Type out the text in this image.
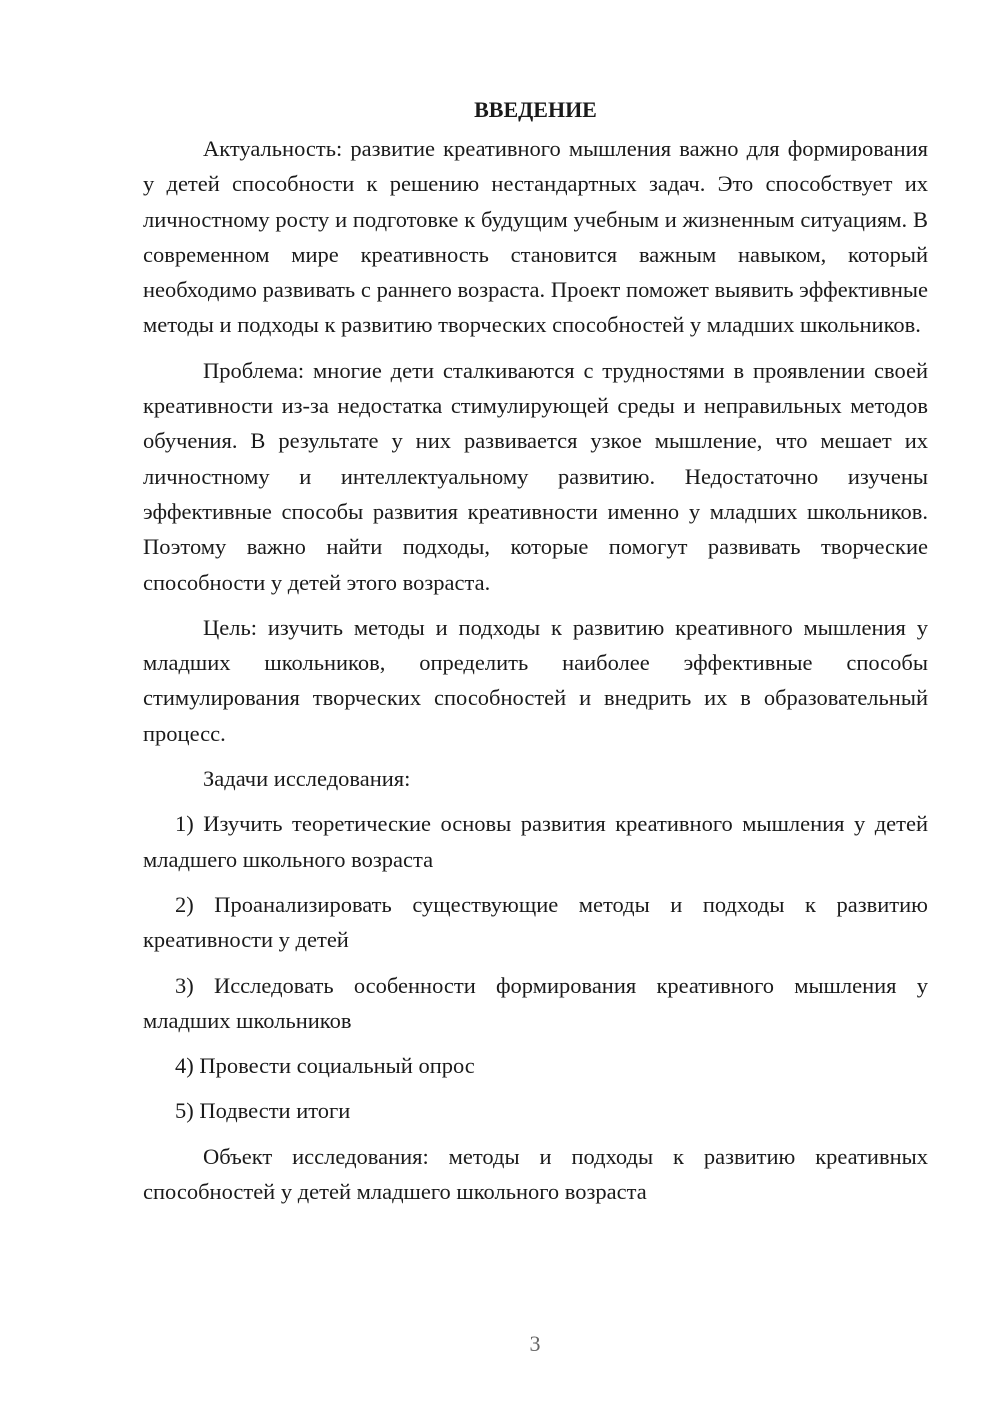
ВВЕДЕНИЕ

Актуальность: развитие креативного мышления важно для формирования у детей способности к решению нестандартных задач. Это способствует их личностному росту и подготовке к будущим учебным и жизненным ситуациям. В современном мире креативность становится важным навыком, который необходимо развивать с раннего возраста. Проект поможет выявить эффективные методы и подходы к развитию творческих способностей у младших школьников.

Проблема: многие дети сталкиваются с трудностями в проявлении своей креативности из-за недостатка стимулирующей среды и неправильных методов обучения. В результате у них развивается узкое мышление, что мешает их личностному и интеллектуальному развитию. Недостаточно изучены эффективные способы развития креативности именно у младших школьников. Поэтому важно найти подходы, которые помогут развивать творческие способности у детей этого возраста.

Цель: изучить методы и подходы к развитию креативного мышления у младших школьников, определить наиболее эффективные способы стимулирования творческих способностей и внедрить их в образовательный процесс.

Задачи исследования:

1) Изучить теоретические основы развития креативного мышления у детей младшего школьного возраста

2) Проанализировать существующие методы и подходы к развитию креативности у детей

3) Исследовать особенности формирования креативного мышления у младших школьников

4) Провести социальный опрос

5) Подвести итоги

Объект исследования: методы и подходы к развитию креативных способностей у детей младшего школьного возраста

3
